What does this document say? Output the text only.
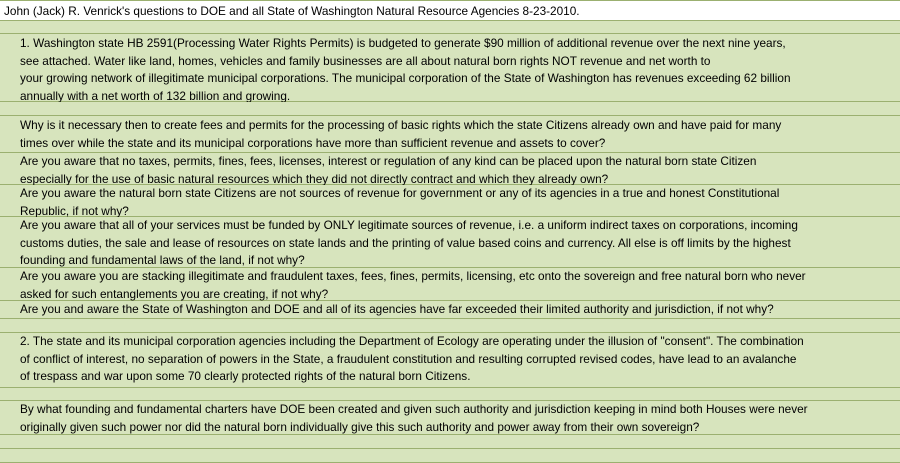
John (Jack) R. Venrick's questions to DOE and all State of Washington Natural Resource Agencies 8-23-2010.
1. Washington state HB 2591(Processing Water Rights Permits) is budgeted to generate $90 million of additional revenue over the next nine years,
see attached. Water like land, homes, vehicles and family businesses are all about natural born rights NOT revenue and net worth to
your growing network of illegitimate municipal corporations. The municipal corporation of the State of Washington has revenues exceeding 62 billion
annually with a net worth of 132 billion and growing.
Why is it necessary then to create fees and permits for the processing of basic rights which the state Citizens already own and have paid for many
times over while the state and its municipal corporations have more than sufficient revenue and assets to cover?
Are you aware that no taxes, permits, fines, fees, licenses, interest or regulation of any kind can be placed upon the natural born state Citizen
especially for the use of basic natural resources which they did not directly contract and which they already own?
Are you aware the natural born state Citizens are not sources of revenue for government or any of its agencies in a true and honest Constitutional
Republic, if not why?
Are you aware that all of your services must be funded by ONLY legitimate sources of revenue, i.e. a uniform indirect taxes on corporations, incoming
customs duties, the sale and lease of resources on state lands and the printing of value based coins and currency. All else is off limits by the highest
founding and fundamental laws of the land, if not why?
Are you aware you are stacking illegitimate and fraudulent taxes, fees, fines, permits, licensing, etc onto the sovereign and free natural born who never
asked for such entanglements you are creating, if not why?
Are you and aware the State of Washington and DOE and all of its agencies have far exceeded their limited authority and jurisdiction, if not why?
2. The state and its municipal corporation agencies including the Department of Ecology are operating under the illusion of "consent". The combination
of conflict of interest, no separation of powers in the State, a fraudulent constitution and resulting corrupted revised codes, have lead to an avalanche
of trespass and war upon some 70 clearly protected rights of the natural born Citizens.
By what founding and fundamental charters have DOE been created and given such authority and jurisdiction keeping in mind both Houses were never
originally given such power nor did the natural born individually give this such authority and power away from their own sovereign?
